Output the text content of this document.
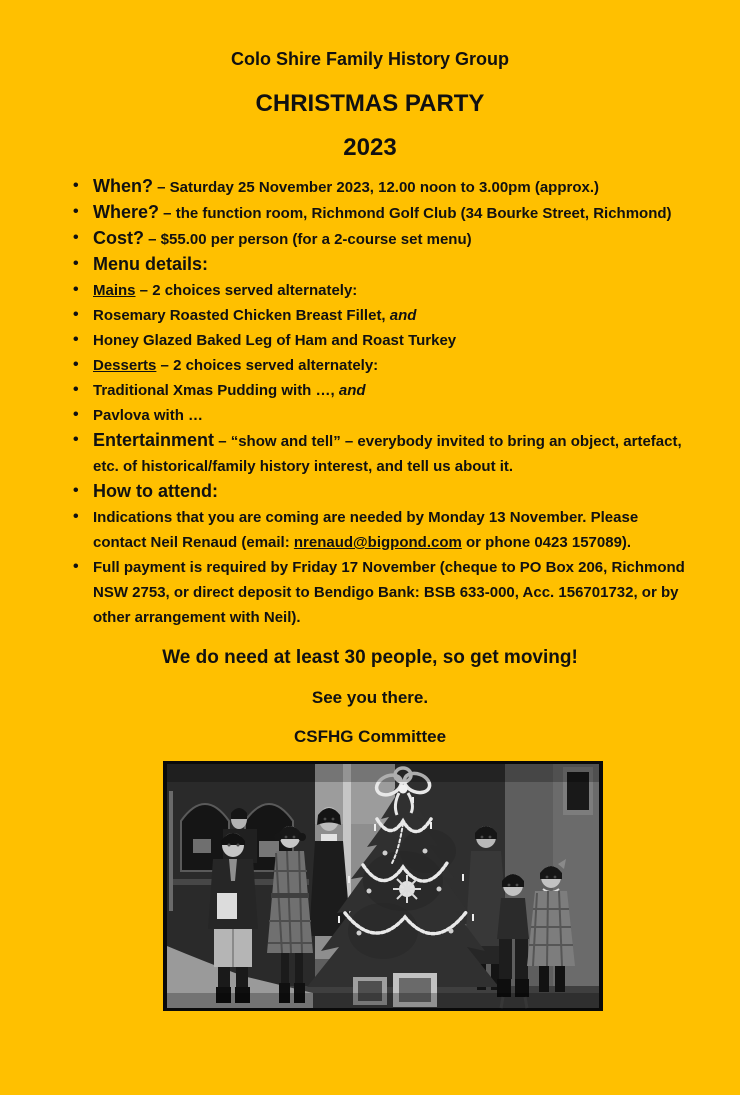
Colo Shire Family History Group
CHRISTMAS PARTY
2023
• When? – Saturday 25 November 2023, 12.00 noon to 3.00pm (approx.)
• Where? – the function room, Richmond Golf Club (34 Bourke Street, Richmond)
• Cost? – $55.00 per person (for a 2-course set menu)
• Menu details:
• Mains – 2 choices served alternately:
• Rosemary Roasted Chicken Breast Fillet, and
• Honey Glazed Baked Leg of Ham and Roast Turkey
• Desserts – 2 choices served alternately:
• Traditional Xmas Pudding with …, and
• Pavlova with …
• Entertainment – “show and tell” – everybody invited to bring an object, artefact,
etc. of historical/family history interest, and tell us about it.
• How to attend:
• Indications that you are coming are needed by Monday 13 November. Please
contact Neil Renaud (email: nrenaud@bigpond.com or phone 0423 157089).
• Full payment is required by Friday 17 November (cheque to PO Box 206, Richmond
NSW 2753, or direct deposit to Bendigo Bank: BSB 633-000, Acc. 156701732, or by
other arrangement with Neil).

We do need at least 30 people, so get moving!

See you there.

CSFHG Committee
